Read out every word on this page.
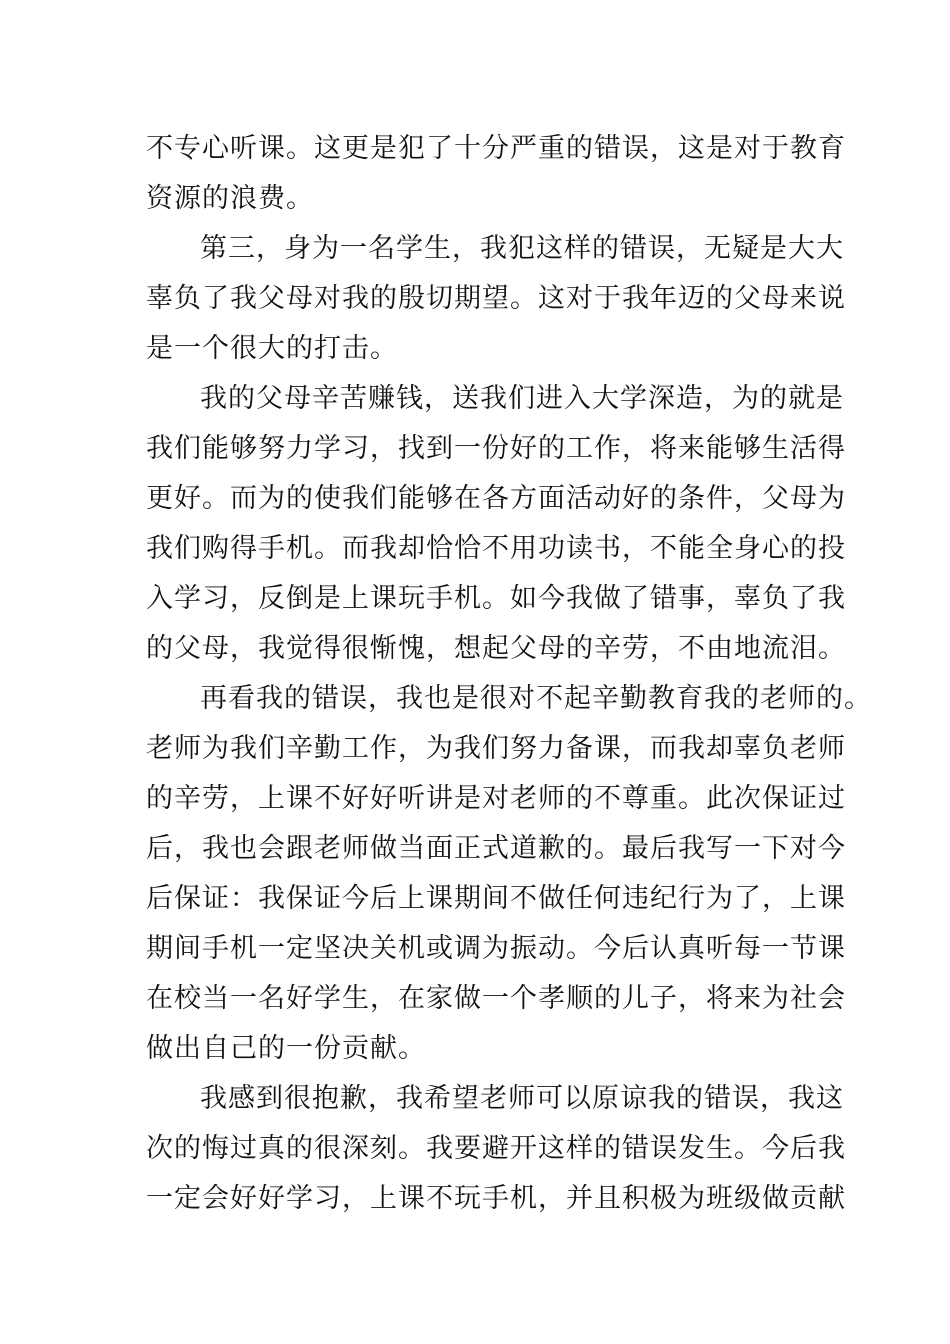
不专心听课。这更是犯了十分严重的错误，这是对于教育
资源的浪费。
第三，身为一名学生，我犯这样的错误，无疑是大大
辜负了我父母对我的殷切期望。这对于我年迈的父母来说
是一个很大的打击。
我的父母辛苦赚钱，送我们进入大学深造，为的就是
我们能够努力学习，找到一份好的工作，将来能够生活得
更好。而为的使我们能够在各方面活动好的条件，父母为
我们购得手机。而我却恰恰不用功读书，不能全身心的投
入学习，反倒是上课玩手机。如今我做了错事，辜负了我
的父母，我觉得很惭愧，想起父母的辛劳，不由地流泪。
再看我的错误，我也是很对不起辛勤教育我的老师的。
老师为我们辛勤工作，为我们努力备课，而我却辜负老师
的辛劳，上课不好好听讲是对老师的不尊重。此次保证过
后，我也会跟老师做当面正式道歉的。最后我写一下对今
后保证：我保证今后上课期间不做任何违纪行为了，上课
期间手机一定坚决关机或调为振动。今后认真听每一节课
在校当一名好学生，在家做一个孝顺的儿子，将来为社会
做出自己的一份贡献。
我感到很抱歉，我希望老师可以原谅我的错误，我这
次的悔过真的很深刻。我要避开这样的错误发生。今后我
一定会好好学习，上课不玩手机，并且积极为班级做贡献
